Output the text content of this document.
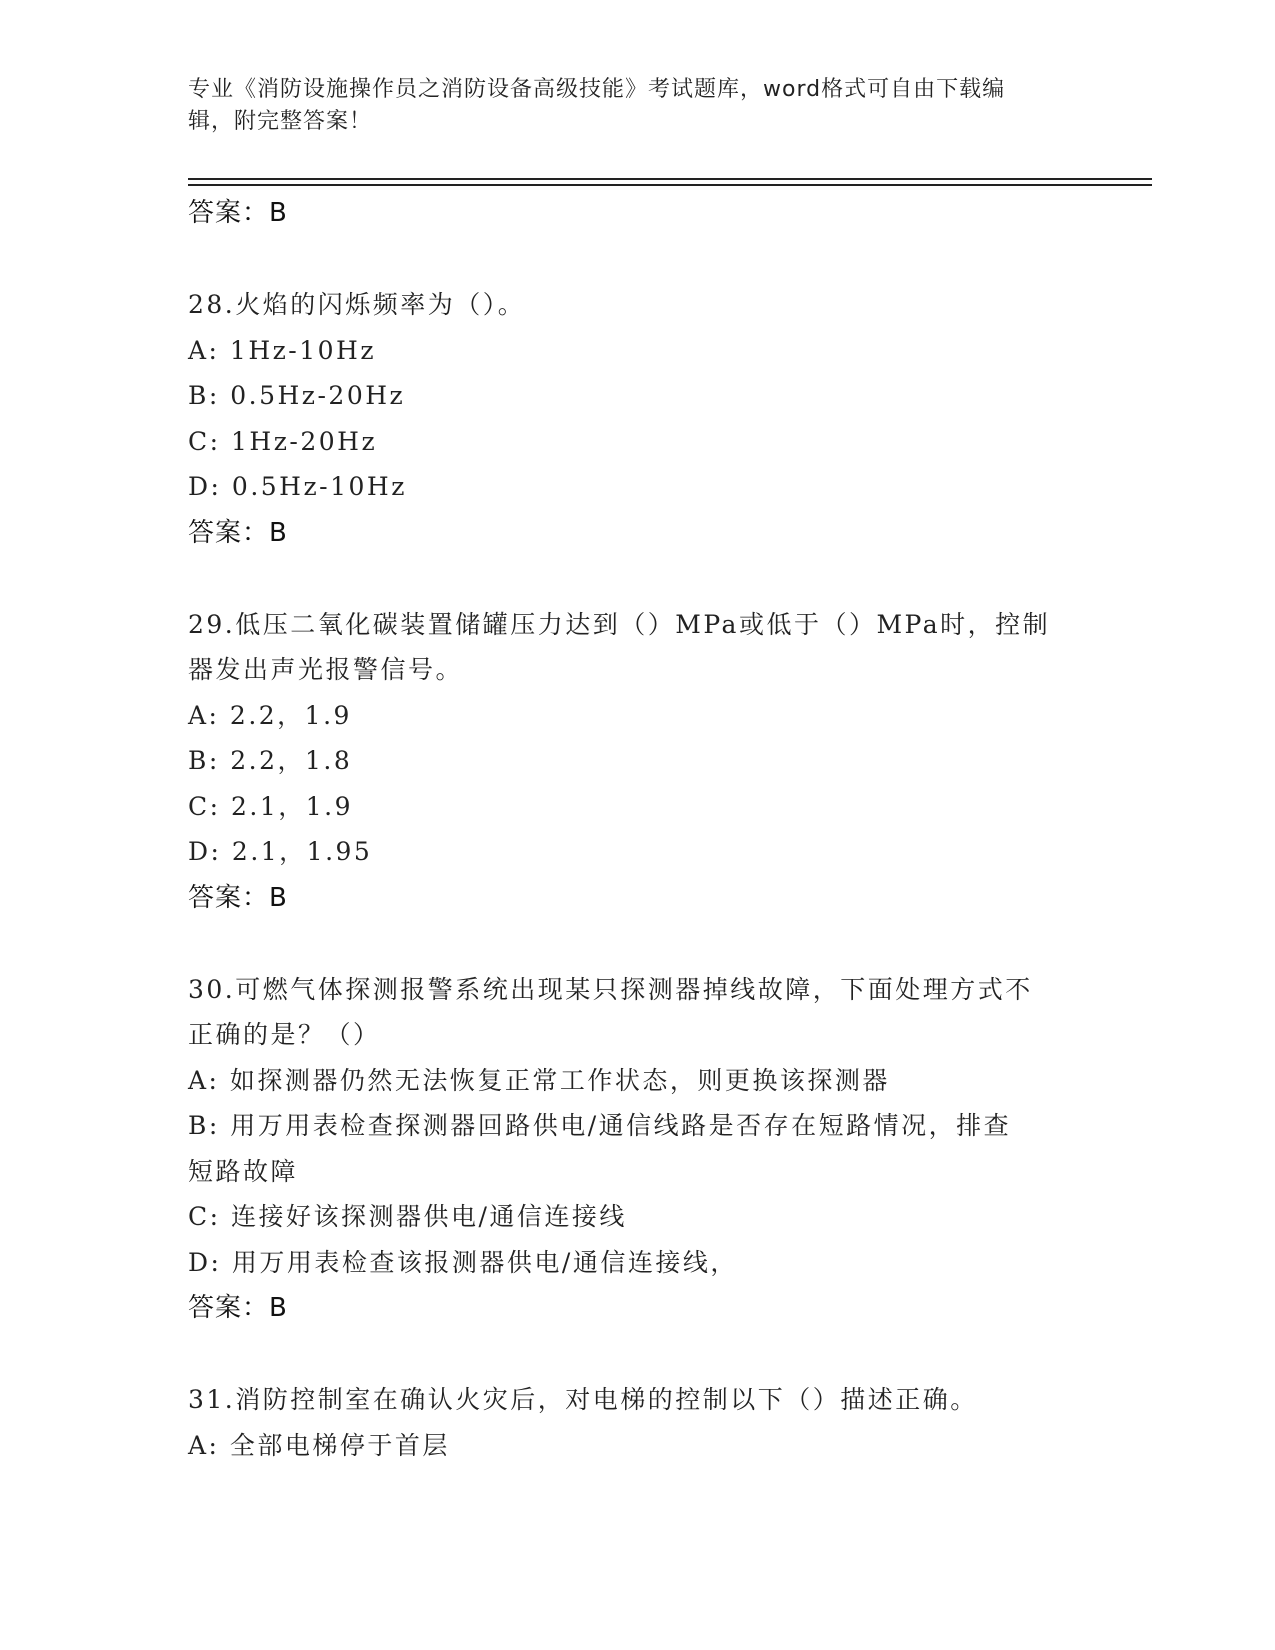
专业《消防设施操作员之消防设备高级技能》考试题库，word格式可自由下载编
辑，附完整答案！
答案：B
28.火焰的闪烁频率为（）。
A: 1Hz-10Hz
B: 0.5Hz-20Hz
C: 1Hz-20Hz
D: 0.5Hz-10Hz
答案：B
29.低压二氧化碳装置储罐压力达到（）MPa或低于（）MPa时，控制
器发出声光报警信号。
A: 2.2，1.9
B: 2.2，1.8
C: 2.1，1.9
D: 2.1，1.95
答案：B
30.可燃气体探测报警系统出现某只探测器掉线故障，下面处理方式不
正确的是？（）
A: 如探测器仍然无法恢复正常工作状态，则更换该探测器
B: 用万用表检查探测器回路供电/通信线路是否存在短路情况，排查
短路故障
C: 连接好该探测器供电/通信连接线
D: 用万用表检查该报测器供电/通信连接线，
答案：B
31.消防控制室在确认火灾后，对电梯的控制以下（）描述正确。
A: 全部电梯停于首层
